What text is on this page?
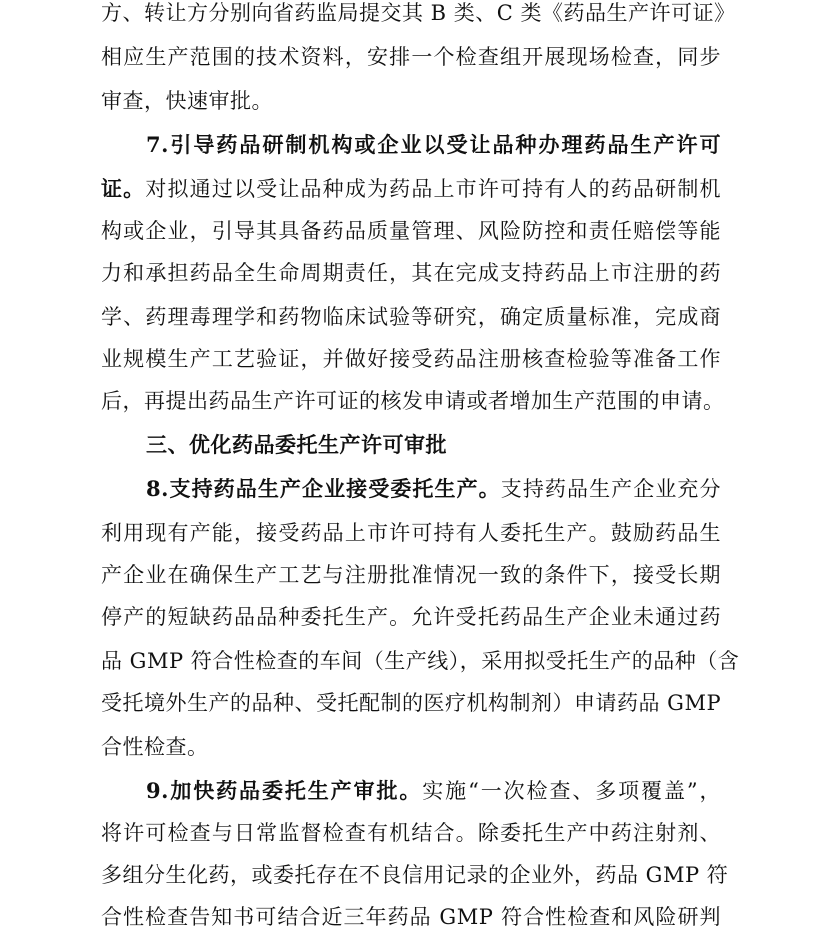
方、转让方分别向省药监局提交其 B 类、C 类《药品生产许可证》
相应生产范围的技术资料，安排一个检查组开展现场检查，同步
审查，快速审批。
7.引导药品研制机构或企业以受让品种办理药品生产许可
证。对拟通过以受让品种成为药品上市许可持有人的药品研制机
构或企业，引导其具备药品质量管理、风险防控和责任赔偿等能
力和承担药品全生命周期责任，其在完成支持药品上市注册的药
学、药理毒理学和药物临床试验等研究，确定质量标准，完成商
业规模生产工艺验证，并做好接受药品注册核查检验等准备工作
后，再提出药品生产许可证的核发申请或者增加生产范围的申请。
三、优化药品委托生产许可审批
8.支持药品生产企业接受委托生产。支持药品生产企业充分
利用现有产能，接受药品上市许可持有人委托生产。鼓励药品生
产企业在确保生产工艺与注册批准情况一致的条件下，接受长期
停产的短缺药品品种委托生产。允许受托药品生产企业未通过药
品 GMP 符合性检查的车间（生产线），采用拟受托生产的品种（含
受托境外生产的品种、受托配制的医疗机构制剂）申请药品 GMP
合性检查。
9.加快药品委托生产审批。实施“一次检查、多项覆盖”，
将许可检查与日常监督检查有机结合。除委托生产中药注射剂、
多组分生化药，或委托存在不良信用记录的企业外，药品 GMP 符
合性检查告知书可结合近三年药品 GMP 符合性检查和风险研判
